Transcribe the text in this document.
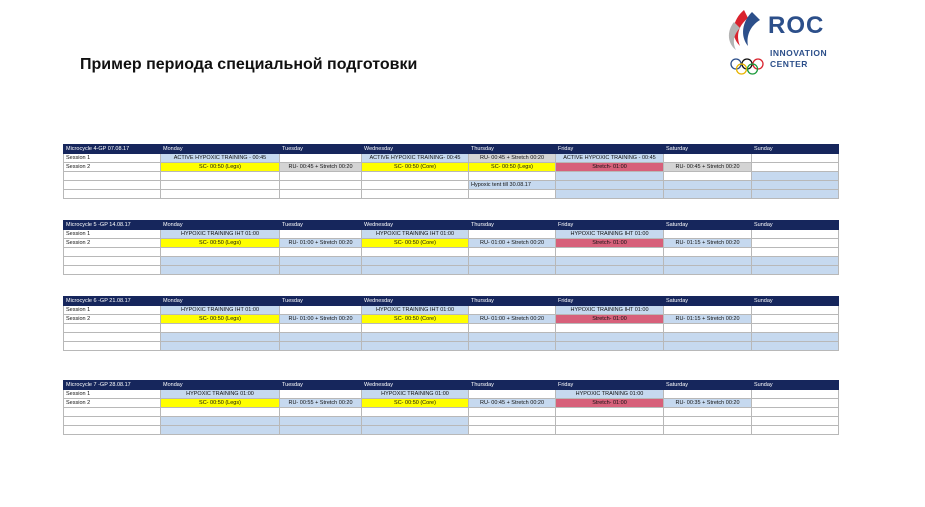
Пример периода специальной подготовки
ROC
INNOVATION
CENTER
Microcycle 4-GP 07.08.17	Monday	Tuesday	Wednesday	Thursday	Friday	Saturday	Sunday
Session 1	ACTIVE HYPOXIC TRAINING - 00:45		ACTIVE HYPOXIC TRAINING- 00:45	RU- 00:45 + Stretch 00:20	ACTIVE HYPOXIC TRAINING - 00:45		
Session 2	SC- 00:50 (Legs)	RU- 00:45 + Stretch 00:20	SC- 00:50 (Core)	SC- 00:50 (Legs)	Stretch- 01:00	RU- 00:45 + Stretch 00:20	

				Hypoxic tent till 30.08.17			

Microcycle 5 -GP 14.08.17	Monday	Tuesday	Wednesday	Thursday	Friday	Saturday	Sunday
Session 1	HYPOXIC TRAINING IHT 01:00		HYPOXIC TRAINING IHT 01:00		HYPOXIC TRAINING IHT 01:00		
Session 2	SC- 00:50 (Legs)	RU- 01:00 + Stretch 00:20	SC- 00:50 (Core)	RU- 01:00 + Stretch 00:20	Stretch- 01:00	RU- 01:15 + Stretch 00:20	

Microcycle 6 -GP 21.08.17	Monday	Tuesday	Wednesday	Thursday	Friday	Saturday	Sunday
Session 1	HYPOXIC TRAINING IHT 01:00		HYPOXIC TRAINING IHT 01:00		HYPOXIC TRAINING IHT 01:00		
Session 2	SC- 00:50 (Legs)	RU- 01:00 + Stretch 00:20	SC- 00:50 (Core)	RU- 01:00 + Stretch 00:20	Stretch- 01:00	RU- 01:15 + Stretch 00:20	

Microcycle 7 -GP 28.08.17	Monday	Tuesday	Wednesday	Thursday	Friday	Saturday	Sunday
Session 1	HYPOXIC TRAINING 01:00		HYPOXIC TRAINING 01:00		HYPOXIC TRAINING 01:00		
Session 2	SC- 00:50 (Legs)	RU- 00:55 + Stretch 00:20	SC- 00:50 (Core)	RU- 00:45 + Stretch 00:20	Stretch- 01:00	RU- 00:35 + Stretch 00:20	
